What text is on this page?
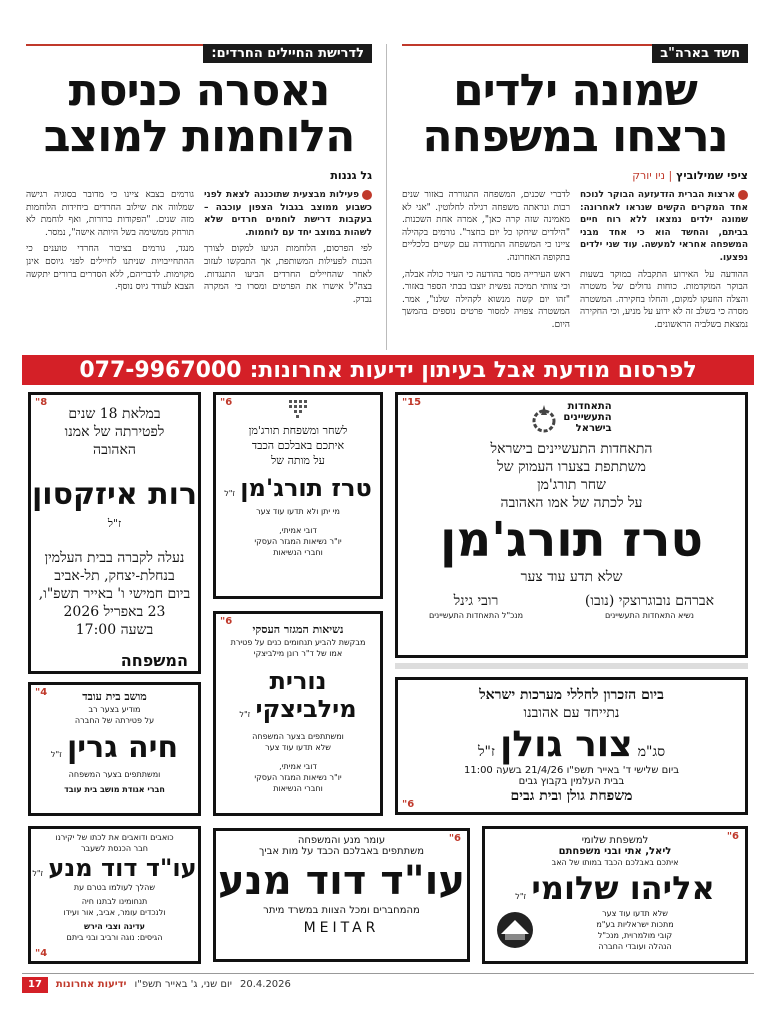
חשד בארה"ב
שמונה ילדים
נרצחו במשפחה
ציפי שמילוביץ | ניו יורק
ארצות הברית הזדעזעה הבוקר לנוכח אחד המקרים הקשים שנראו לאחרונה: שמונה ילדים נמצאו ללא רוח חיים בביתם, והחשד הוא כי אחד מבני המשפחה אחראי למעשה. עוד שני ילדים נפצעו.

ההודעה על האירוע התקבלה במוקד בשעות הבוקר המוקדמות. כוחות גדולים של משטרה והצלה הוזעקו למקום, והחלו בחקירה. המשטרה מסרה כי בשלב זה לא ידוע על מניע, וכי החקירה נמצאת בשלביה הראשונים.

לדברי שכנים, המשפחה התגוררה באזור שנים רבות ונראתה משפחה רגילה לחלוטין. "אני לא מאמינה שזה קרה כאן", אמרה אחת השכנות. "הילדים שיחקו כל יום בחצר". גורמים בקהילה ציינו כי המשפחה התמודדה עם קשיים כלכליים בתקופה האחרונה.

ראש העירייה מסר בהודעה כי העיר כולה אבלה, וכי צוותי תמיכה נפשית יוצבו בבתי הספר באזור. "זהו יום קשה מנשוא לקהילה שלנו", אמר. המשטרה צפויה למסור פרטים נוספים בהמשך היום.

לדרישת החיילים החרדים:
נאסרה כניסת
הלוחמות למוצב
גל גננות
פעילות מבצעית שתוכננה לצאת לפני כשבוע ממוצב בגבול הצפון עוכבה – בעקבות דרישת לוחמים חרדים שלא לשהות במוצב יחד עם לוחמות.

לפי הפרסום, הלוחמות הגיעו למקום לצורך הכנות לפעילות המשותפת, אך התבקשו לעזוב לאחר שהחיילים החרדים הביעו התנגדות. בצה"ל אישרו את הפרטים ומסרו כי המקרה נבדק.

גורמים בצבא ציינו כי מדובר בסוגיה רגישה שמלווה את שילוב החרדים ביחידות הלוחמות מזה שנים. "הפקודות ברורות, ואף לוחמת לא תורחק ממשימה בשל היותה אישה", נמסר.

מנגד, גורמים בציבור החרדי טוענים כי ההתחייבויות שניתנו לחיילים לפני גיוסם אינן מקוימות. לדבריהם, ללא הסדרים ברורים יתקשה הצבא לעודד גיוס נוסף.

לפרסום מודעת אבל בעיתון ידיעות אחרונות:
077-9967000
8"
במלאת 18 שנים
לפטירתה של אמנו
האהובה
רות איזקסון ז"ל
נעלה לקברה בבית העלמין
בנחלת-יצחק, תל-אביב
ביום חמישי ו' באייר תשפ"ו,
23 באפריל 2026
בשעה 17:00
המשפחה
6"
לשחר ומשפחת תורג'מן
איתכם באבלכם הכבד
על מותה של
טרז תורג'מן ז"ל
מי יתן ולא תדעו עוד צער
דובי אמיתי,
יו"ר נשיאות המגזר העסקי
וחברי הנשיאות
15"	התאחדות
התעשיינים
בישראל
התאחדות התעשיינים בישראל
משתתפת בצערו העמוק של
שחר תורג'מן
על לכתה של אמו האהובה
טרז תורג'מן
שלא תדע עוד צער
אברהם נובוגרוצקי (נובו)
נשיא התאחדות התעשיינים
רובי גינל
מנכ"ל התאחדות התעשיינים
6"
נשיאות המגזר העסקי
מבקשת להביע תנחומים כנים על פטירת
אמו של ד"ר רונן מילביצקי
נורית מילביצקי ז"ל
ומשתתפים בצער המשפחה
שלא תדעו עוד צער
דובי אמיתי,
יו"ר נשיאות המגזר העסקי
וחברי הנשיאות
4"	מושב בית עובד
מודיע בצער רב
על פטירתה של החברה
חיה גרין ז"ל
ומשתתפים בצער המשפחה
חברי אגודת מושב בית עובד
6"
ביום הזכרון לחללי מערכות ישראל
נתייחד עם אהובנו
סג"מ צור גולן ז"ל
ביום שלישי ד' באייר תשפ"ו 21/4/26 בשעה 11:00
בבית העלמין בקבוץ גבים
משפחת גולן ובית גבים
4"
כואבים ודואבים את לכתו של יקירנו
חבר הכנסת לשעבר
עו"ד דוד מנע ז"ל
שהלך לעולמו בטרם עת
תנחומינו לבתנו חיה
ולנכדים עומר, אביב, אור ועידו
עדינה וצבי הירש
הגיסים: נוגה ורביב ובני ביתם
6"
עומר מנע והמשפחה
משתתפים באבלכם הכבד על מות אביך
עו"ד דוד מנע
מהמחברים ומכל הצוות במשרד מיתר
MEITAR
6"
למשפחת שלומי
ליאל, אתי ובני משפחתם
איתכם באבלכם הכבד במותו של האב
אליהו שלומי ז"ל
שלא תדעו עוד צער
מתכות ישראליות בע"מ
קובי מולמרוית, מנכ"ל
הנהלה ועובדי החברה
17	ידיעות אחרונות	20.4.2026
יום שני, ג' באייר תשפ"ו
